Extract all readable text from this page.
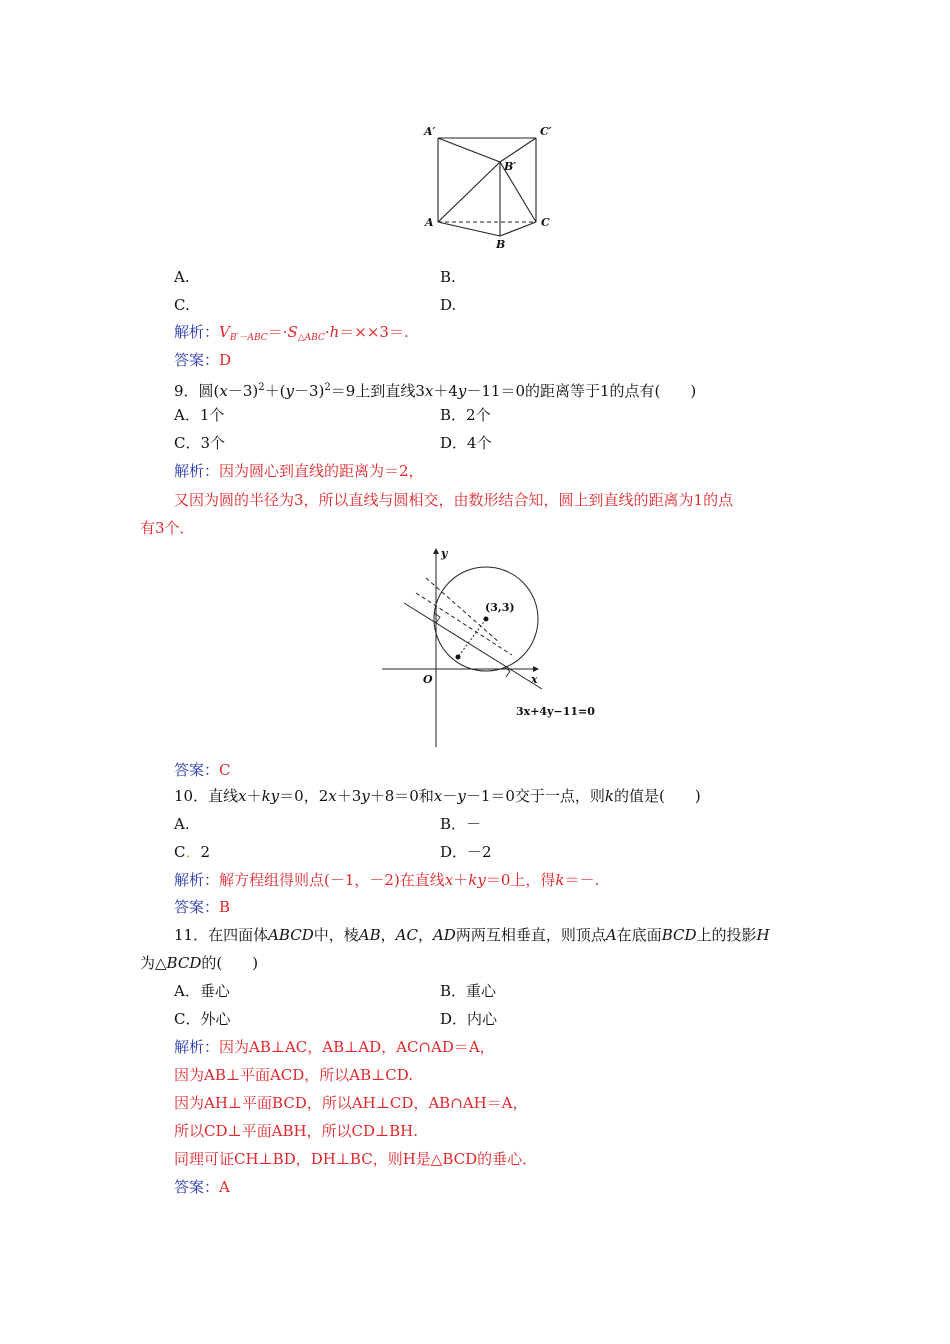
A′	C′
B′
A	C
B
A.	B.
C.	D.
解析：$V_{B'-ABC}=\cdot S_{\triangle ABC}\cdot h=\times\times 3=$.
答案：D
9．圆$(x-3)^2+(y-3)^2=9$上到直线3x＋4y－11＝0的距离等于1的点有(　　)
A．1个	B．2个
C．3个	D．4个
解析：因为圆心到直线的距离为＝2，
又因为圆的半径为3，所以直线与圆相交，由数形结合知，圆上到直线的距离为1的点
有3个．
y
x
O
(3,3)
3x+4y−11=0
答案：C
10．直线x＋ky＝0，2x＋3y＋8＝0和x－y－1＝0交于一点，则k的值是(　　)
A.	B．－
C．2	D．－2
解析：解方程组得则点(－1，－2)在直线x＋ky＝0上，得k＝－.
答案：B
11．在四面体ABCD中，棱AB，AC，AD两两互相垂直，则顶点A在底面BCD上的投影H
为△BCD的(　　)
A．垂心	B．重心
C．外心	D．内心
解析：因为AB⊥AC，AB⊥AD，AC∩AD＝A，
因为AB⊥平面ACD，所以AB⊥CD.
因为AH⊥平面BCD，所以AH⊥CD，AB∩AH＝A，
所以CD⊥平面ABH，所以CD⊥BH.
同理可证CH⊥BD，DH⊥BC，则H是△BCD的垂心．
答案：A
